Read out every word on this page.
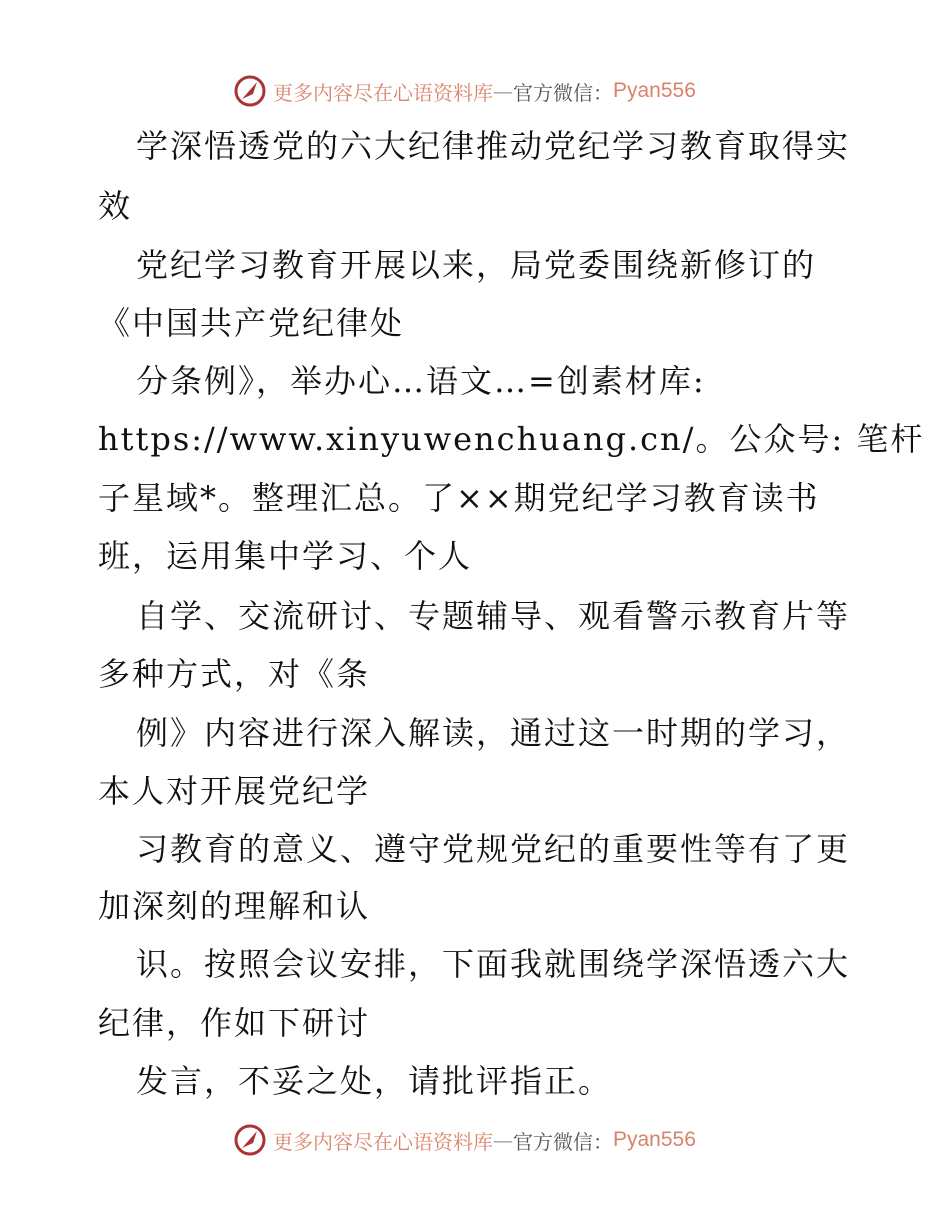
更多内容尽在心语资料库 — 官方微信： Pyan556
学深悟透党的六大纪律推动党纪学习教育取得实
效
党纪学习教育开展以来，局党委围绕新修订的
《中国共产党纪律处
分条例》，举办心…语文…=创素材库:
https://www.xinyuwenchuang.cn/。公众号: 笔杆
子星域*。整理汇总。了××期党纪学习教育读书
班，运用集中学习、个人
自学、交流研讨、专题辅导、观看警示教育片等
多种方式，对《条
例》内容进行深入解读，通过这一时期的学习，
本人对开展党纪学
习教育的意义、遵守党规党纪的重要性等有了更
加深刻的理解和认
识。按照会议安排，下面我就围绕学深悟透六大
纪律，作如下研讨
发言，不妥之处，请批评指正。
更多内容尽在心语资料库 — 官方微信： Pyan556
